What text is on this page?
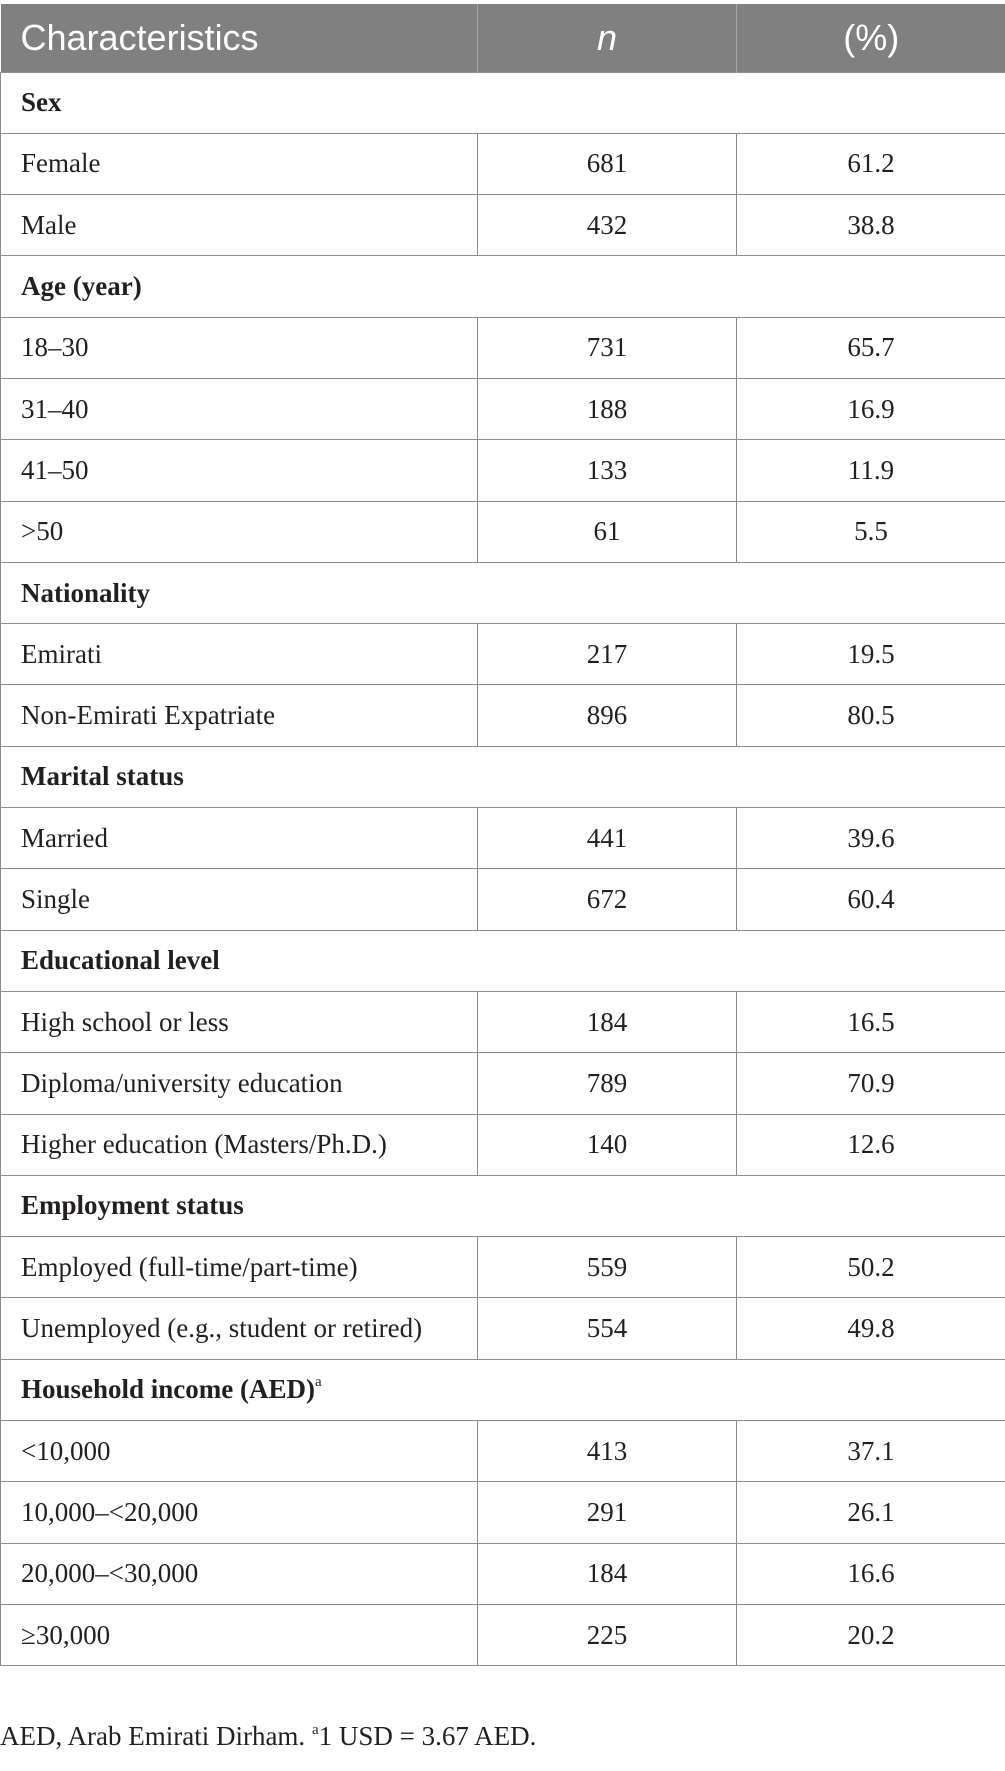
Characteristics	n	(%)
Sex		
Female	681	61.2
Male	432	38.8
Age (year)		
18–30	731	65.7
31–40	188	16.9
41–50	133	11.9
>50	61	5.5
Nationality		
Emirati	217	19.5
Non-Emirati Expatriate	896	80.5
Marital status		
Married	441	39.6
Single	672	60.4
Educational level		
High school or less	184	16.5
Diploma/university education	789	70.9
Higher education (Masters/Ph.D.)	140	12.6
Employment status		
Employed (full-time/part-time)	559	50.2
Unemployed (e.g., student or retired)	554	49.8
Household income (AED)$^a$
<10,000	413	37.1
10,000–<20,000	291	26.1
20,000–<30,000	184	16.6
≥30,000	225	20.2
AED, Arab Emirati Dirham. $^a$1 USD = 3.67 AED.
